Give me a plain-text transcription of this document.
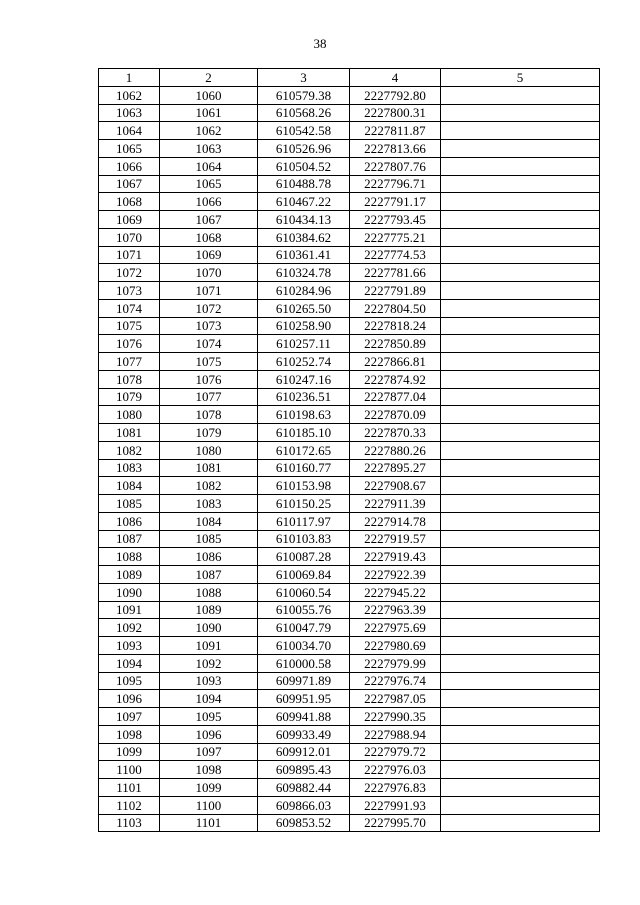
38
1	2	3	4	5
1062	1060	610579.38	2227792.80	
1063	1061	610568.26	2227800.31	
1064	1062	610542.58	2227811.87	
1065	1063	610526.96	2227813.66	
1066	1064	610504.52	2227807.76	
1067	1065	610488.78	2227796.71	
1068	1066	610467.22	2227791.17	
1069	1067	610434.13	2227793.45	
1070	1068	610384.62	2227775.21	
1071	1069	610361.41	2227774.53	
1072	1070	610324.78	2227781.66	
1073	1071	610284.96	2227791.89	
1074	1072	610265.50	2227804.50	
1075	1073	610258.90	2227818.24	
1076	1074	610257.11	2227850.89	
1077	1075	610252.74	2227866.81	
1078	1076	610247.16	2227874.92	
1079	1077	610236.51	2227877.04	
1080	1078	610198.63	2227870.09	
1081	1079	610185.10	2227870.33	
1082	1080	610172.65	2227880.26	
1083	1081	610160.77	2227895.27	
1084	1082	610153.98	2227908.67	
1085	1083	610150.25	2227911.39	
1086	1084	610117.97	2227914.78	
1087	1085	610103.83	2227919.57	
1088	1086	610087.28	2227919.43	
1089	1087	610069.84	2227922.39	
1090	1088	610060.54	2227945.22	
1091	1089	610055.76	2227963.39	
1092	1090	610047.79	2227975.69	
1093	1091	610034.70	2227980.69	
1094	1092	610000.58	2227979.99	
1095	1093	609971.89	2227976.74	
1096	1094	609951.95	2227987.05	
1097	1095	609941.88	2227990.35	
1098	1096	609933.49	2227988.94	
1099	1097	609912.01	2227979.72	
1100	1098	609895.43	2227976.03	
1101	1099	609882.44	2227976.83	
1102	1100	609866.03	2227991.93	
1103	1101	609853.52	2227995.70	
